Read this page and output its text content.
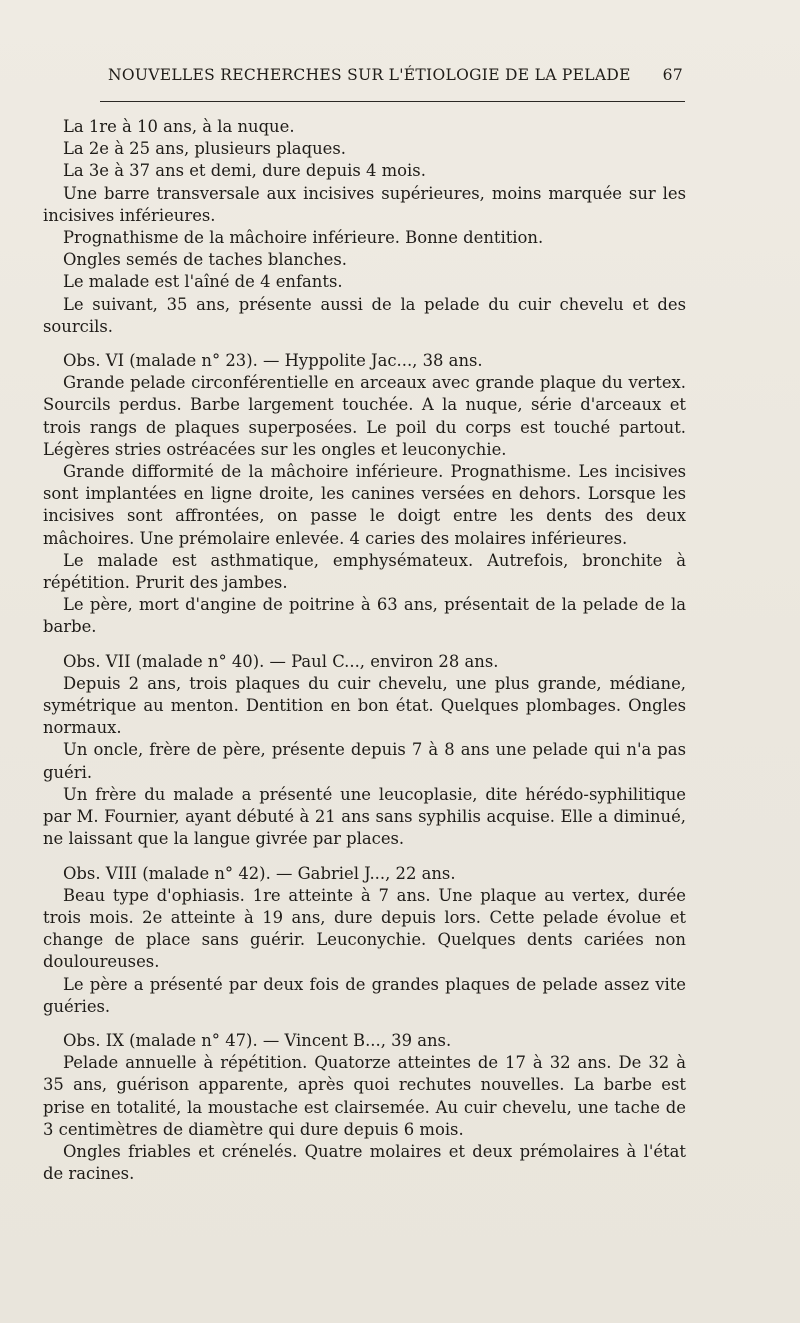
NOUVELLES RECHERCHES SUR L'ÉTIOLOGIE DE LA PELADE 67

La 1re à 10 ans, à la nuque.

La 2e à 25 ans, plusieurs plaques.

La 3e à 37 ans et demi, dure depuis 4 mois.

Une barre transversale aux incisives supérieures, moins marquée sur les incisives inférieures.

Prognathisme de la mâchoire inférieure. Bonne dentition.

Ongles semés de taches blanches.

Le malade est l'aîné de 4 enfants.

Le suivant, 35 ans, présente aussi de la pelade du cuir chevelu et des sourcils.

Obs. VI (malade n° 23). — Hyppolite Jac..., 38 ans.

Grande pelade circonférentielle en arceaux avec grande plaque du vertex. Sourcils perdus. Barbe largement touchée. A la nuque, série d'arceaux et trois rangs de plaques superposées. Le poil du corps est touché partout. Légères stries ostréacées sur les ongles et leuconychie.

Grande difformité de la mâchoire inférieure. Prognathisme. Les incisives sont implantées en ligne droite, les canines versées en dehors. Lorsque les incisives sont affrontées, on passe le doigt entre les dents des deux mâchoires. Une prémolaire enlevée. 4 caries des molaires inférieures.

Le malade est asthmatique, emphysémateux. Autrefois, bronchite à répétition. Prurit des jambes.

Le père, mort d'angine de poitrine à 63 ans, présentait de la pelade de la barbe.

Obs. VII (malade n° 40). — Paul C..., environ 28 ans.

Depuis 2 ans, trois plaques du cuir chevelu, une plus grande, médiane, symétrique au menton. Dentition en bon état. Quelques plombages. Ongles normaux.

Un oncle, frère de père, présente depuis 7 à 8 ans une pelade qui n'a pas guéri.

Un frère du malade a présenté une leucoplasie, dite hérédo-syphilitique par M. Fournier, ayant débuté à 21 ans sans syphilis acquise. Elle a diminué, ne laissant que la langue givrée par places.

Obs. VIII (malade n° 42). — Gabriel J..., 22 ans.

Beau type d'ophiasis. 1re atteinte à 7 ans. Une plaque au vertex, durée trois mois. 2e atteinte à 19 ans, dure depuis lors. Cette pelade évolue et change de place sans guérir. Leuconychie. Quelques dents cariées non douloureuses.

Le père a présenté par deux fois de grandes plaques de pelade assez vite guéries.

Obs. IX (malade n° 47). — Vincent B..., 39 ans.

Pelade annuelle à répétition. Quatorze atteintes de 17 à 32 ans. De 32 à 35 ans, guérison apparente, après quoi rechutes nouvelles. La barbe est prise en totalité, la moustache est clairsemée. Au cuir chevelu, une tache de 3 centimètres de diamètre qui dure depuis 6 mois.

Ongles friables et crénelés. Quatre molaires et deux prémolaires à l'état de racines.
